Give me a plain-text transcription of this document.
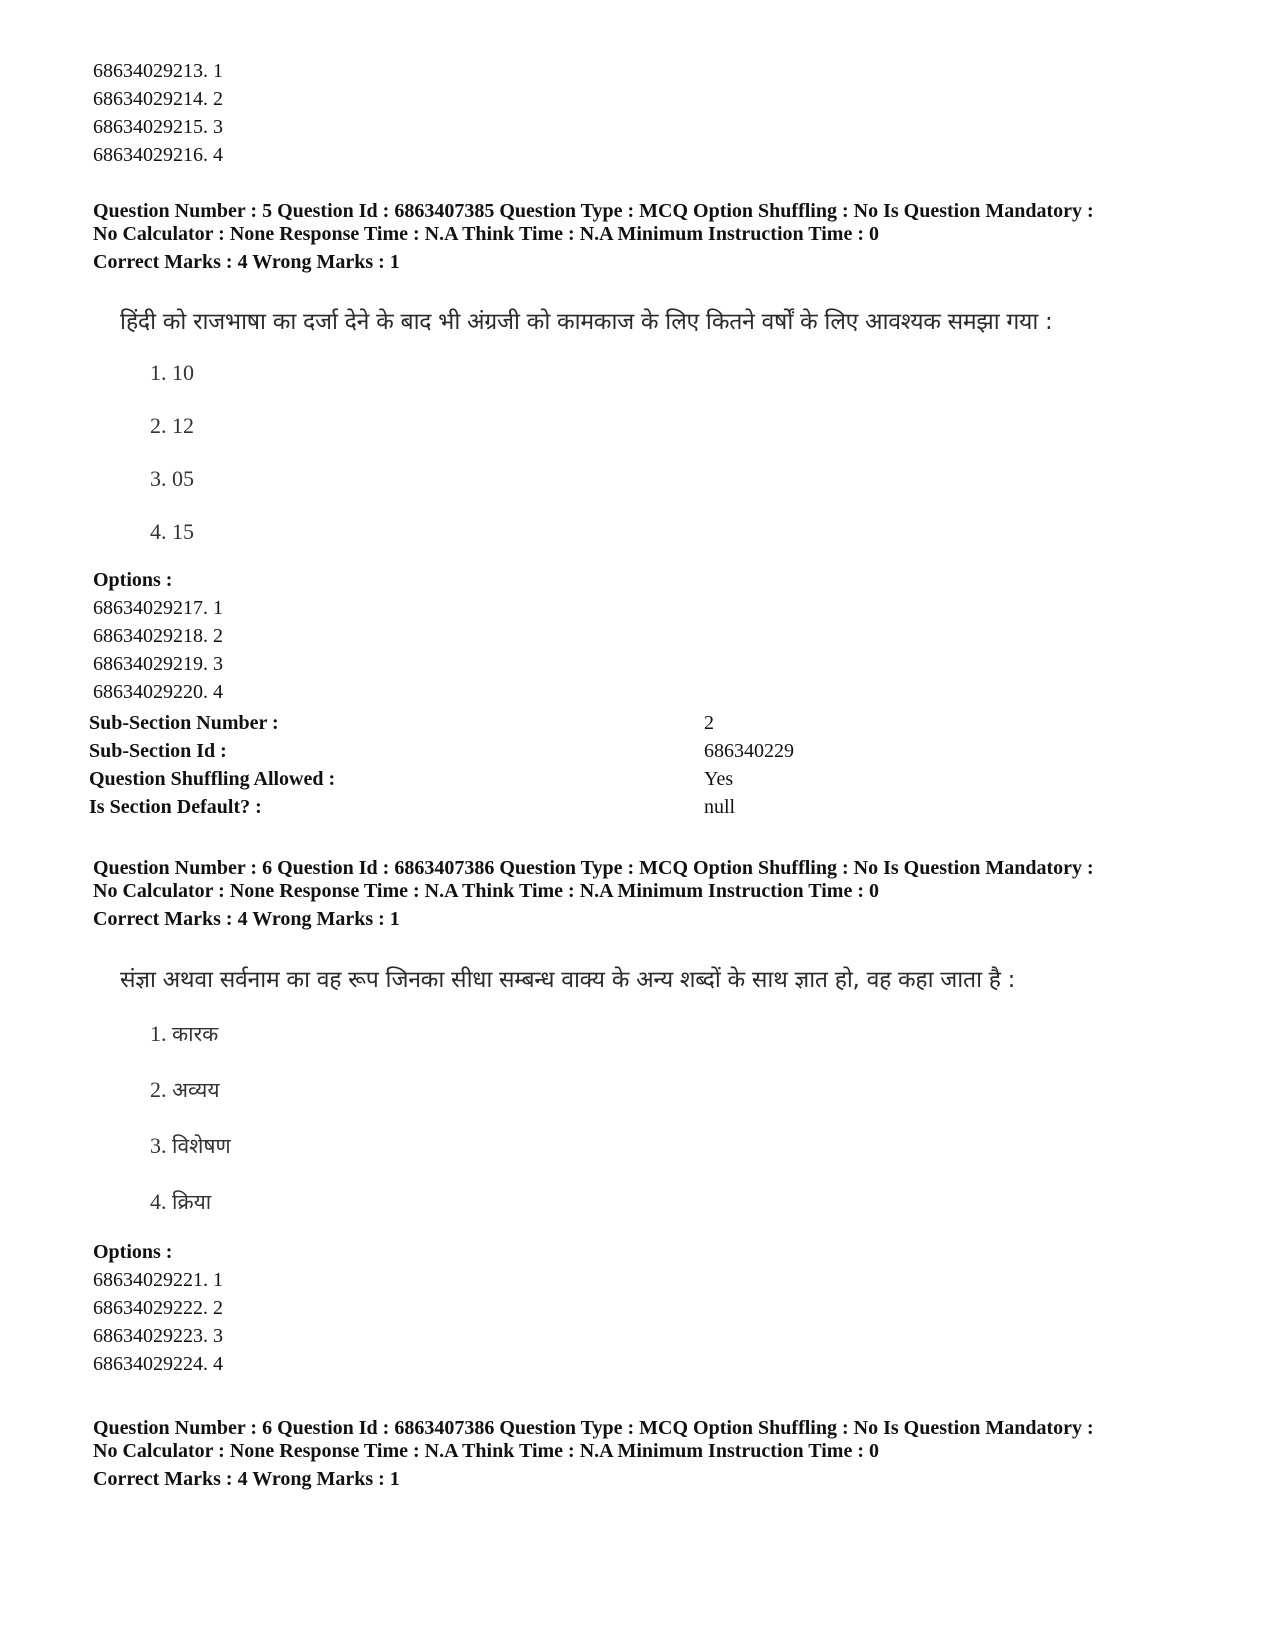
68634029213. 1
68634029214. 2
68634029215. 3
68634029216. 4
Question Number : 5 Question Id : 6863407385 Question Type : MCQ Option Shuffling : No Is Question Mandatory :
No Calculator : None Response Time : N.A Think Time : N.A Minimum Instruction Time : 0
Correct Marks : 4 Wrong Marks : 1
हिंदी को राजभाषा का दर्जा देने के बाद भी अंग्रजी को कामकाज के लिए कितने वर्षों के लिए आवश्यक समझा गया :
1. 10
2. 12
3. 05
4. 15
Options :
68634029217. 1
68634029218. 2
68634029219. 3
68634029220. 4
Sub-Section Number :	2
Sub-Section Id :	686340229
Question Shuffling Allowed :	Yes
Is Section Default? :	null
Question Number : 6 Question Id : 6863407386 Question Type : MCQ Option Shuffling : No Is Question Mandatory :
No Calculator : None Response Time : N.A Think Time : N.A Minimum Instruction Time : 0
Correct Marks : 4 Wrong Marks : 1
संज्ञा अथवा सर्वनाम का वह रूप जिनका सीधा सम्बन्ध वाक्य के अन्य शब्दों के साथ ज्ञात हो, वह कहा जाता है :
1. कारक
2. अव्यय
3. विशेषण
4. क्रिया
Options :
68634029221. 1
68634029222. 2
68634029223. 3
68634029224. 4
Question Number : 6 Question Id : 6863407386 Question Type : MCQ Option Shuffling : No Is Question Mandatory :
No Calculator : None Response Time : N.A Think Time : N.A Minimum Instruction Time : 0
Correct Marks : 4 Wrong Marks : 1
